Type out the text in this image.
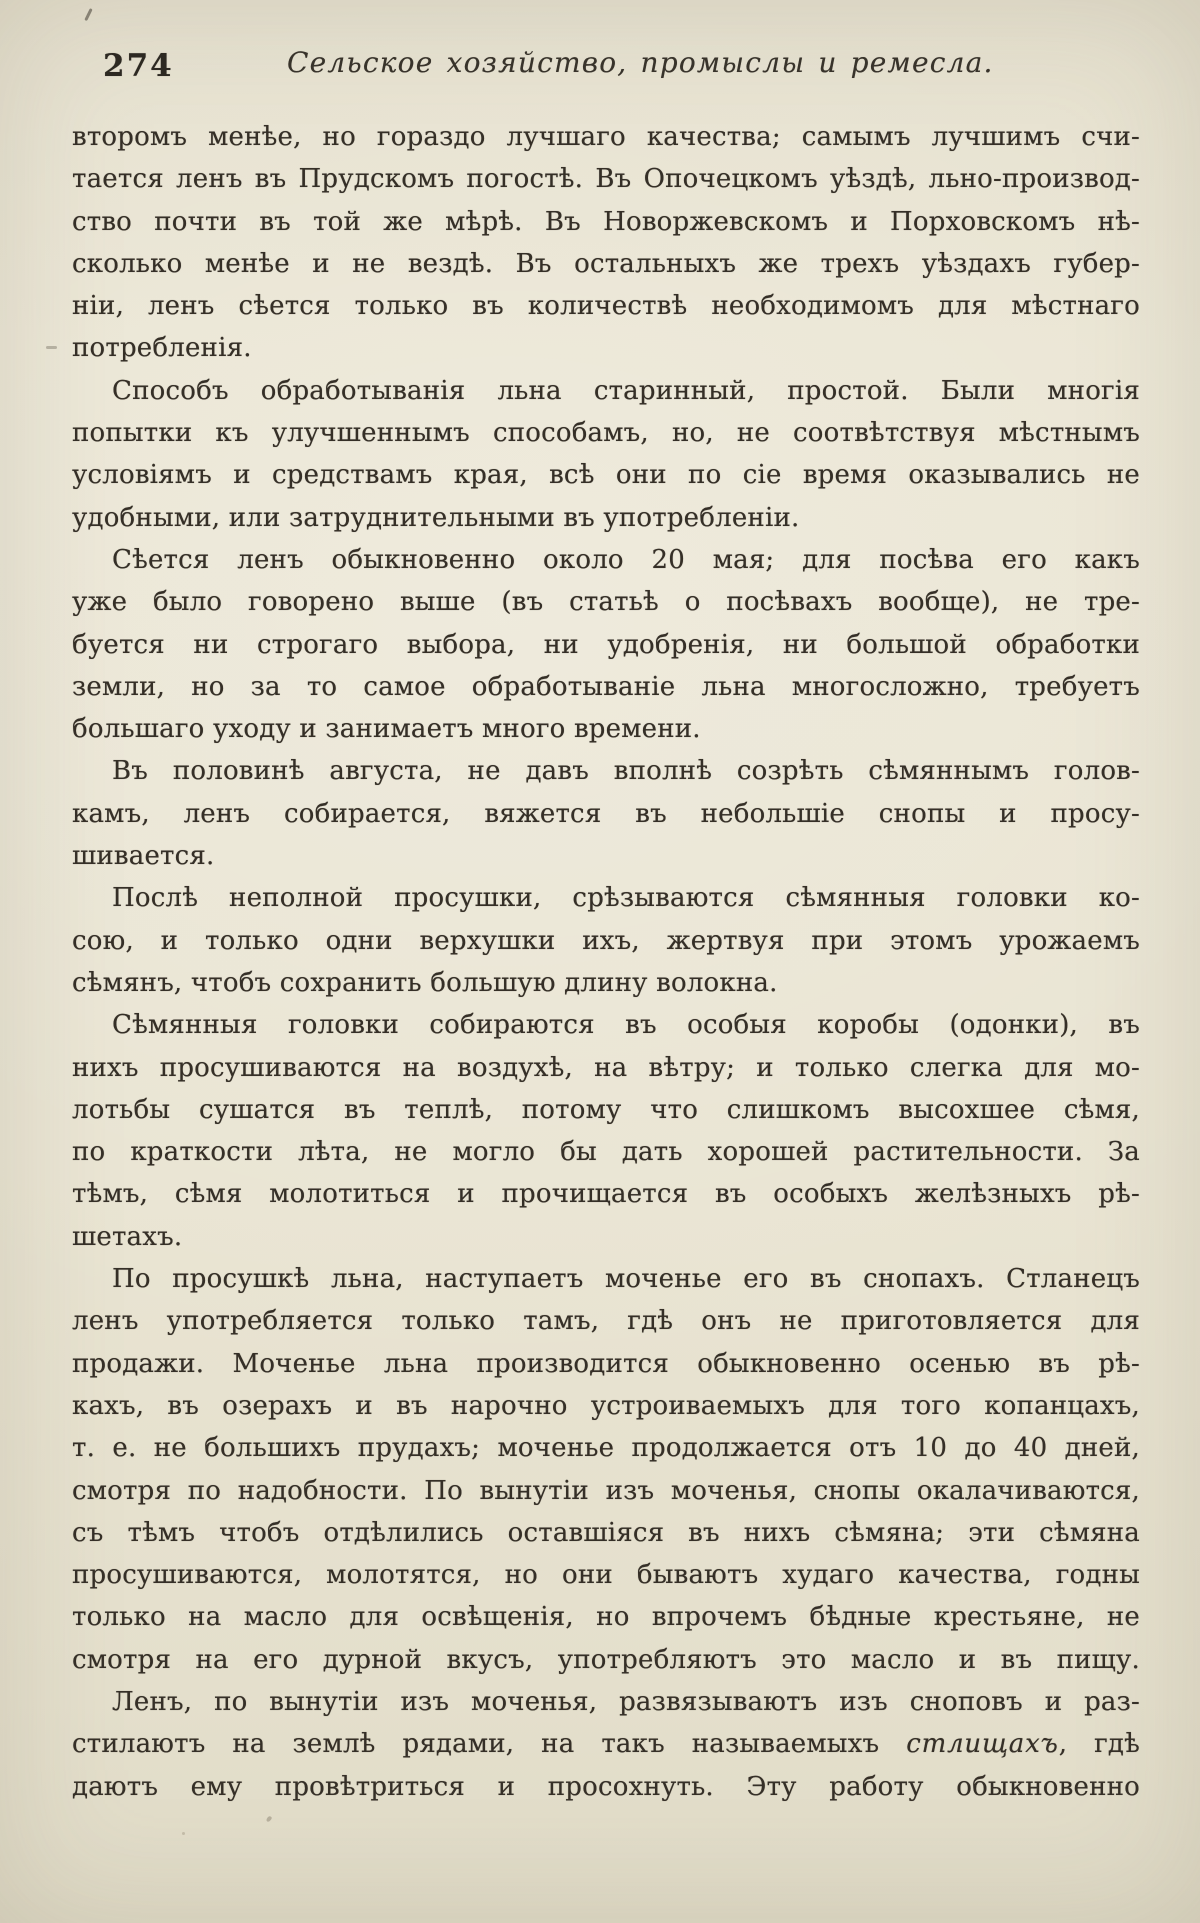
274	Сельское хозяйство, промыслы и ремесла.
второмъ менѣе, но гораздо лучшаго качества; самымъ лучшимъ счи-
тается ленъ въ Прудскомъ погостѣ. Въ Опочецкомъ уѣздѣ, льно-производ-
ство почти въ той же мѣрѣ. Въ Новоржевскомъ и Порховскомъ нѣ-
сколько менѣе и не вездѣ. Въ остальныхъ же трехъ уѣздахъ губер-
ніи, ленъ сѣется только въ количествѣ необходимомъ для мѣстнаго
потребленія.
Способъ обработыванія льна старинный, простой. Были многія
попытки къ улучшеннымъ способамъ, но, не соотвѣтствуя мѣстнымъ
условіямъ и средствамъ края, всѣ они по сіе время оказывались не
удобными, или затруднительными въ употребленіи.
Сѣется ленъ обыкновенно около 20 мая; для посѣва его какъ
уже было говорено выше (въ статьѣ о посѣвахъ вообще), не тре-
буется ни строгаго выбора, ни удобренія, ни большой обработки
земли, но за то самое обработываніе льна многосложно, требуетъ
большаго уходу и занимаетъ много времени.
Въ половинѣ августа, не давъ вполнѣ созрѣть сѣмяннымъ голов-
камъ, ленъ собирается, вяжется въ небольшіе снопы и просу-
шивается.
Послѣ неполной просушки, срѣзываются сѣмянныя головки ко-
сою, и только одни верхушки ихъ, жертвуя при этомъ урожаемъ
сѣмянъ, чтобъ сохранить большую длину волокна.
Сѣмянныя головки собираются въ особыя коробы (одонки), въ
нихъ просушиваются на воздухѣ, на вѣтру; и только слегка для мо-
лотьбы сушатся въ теплѣ, потому что слишкомъ высохшее сѣмя,
по краткости лѣта, не могло бы дать хорошей растительности. За
тѣмъ, сѣмя молотиться и прочищается въ особыхъ желѣзныхъ рѣ-
шетахъ.
По просушкѣ льна, наступаетъ моченье его въ снопахъ. Стланецъ
ленъ употребляется только тамъ, гдѣ онъ не приготовляется для
продажи. Моченье льна производится обыкновенно осенью въ рѣ-
кахъ, въ озерахъ и въ нарочно устроиваемыхъ для того копанцахъ,
т. е. не большихъ прудахъ; моченье продолжается отъ 10 до 40 дней,
смотря по надобности. По вынутіи изъ моченья, снопы окалачиваются,
съ тѣмъ чтобъ отдѣлились оставшіяся въ нихъ сѣмяна; эти сѣмяна
просушиваются, молотятся, но они бываютъ худаго качества, годны
только на масло для освѣщенія, но впрочемъ бѣдные крестьяне, не
смотря на его дурной вкусъ, употребляютъ это масло и въ пищу.
Ленъ, по вынутіи изъ моченья, развязываютъ изъ сноповъ и раз-
стилаютъ на землѣ рядами, на такъ называемыхъ стлищахъ, гдѣ
даютъ ему провѣтриться и просохнуть. Эту работу обыкновенно
